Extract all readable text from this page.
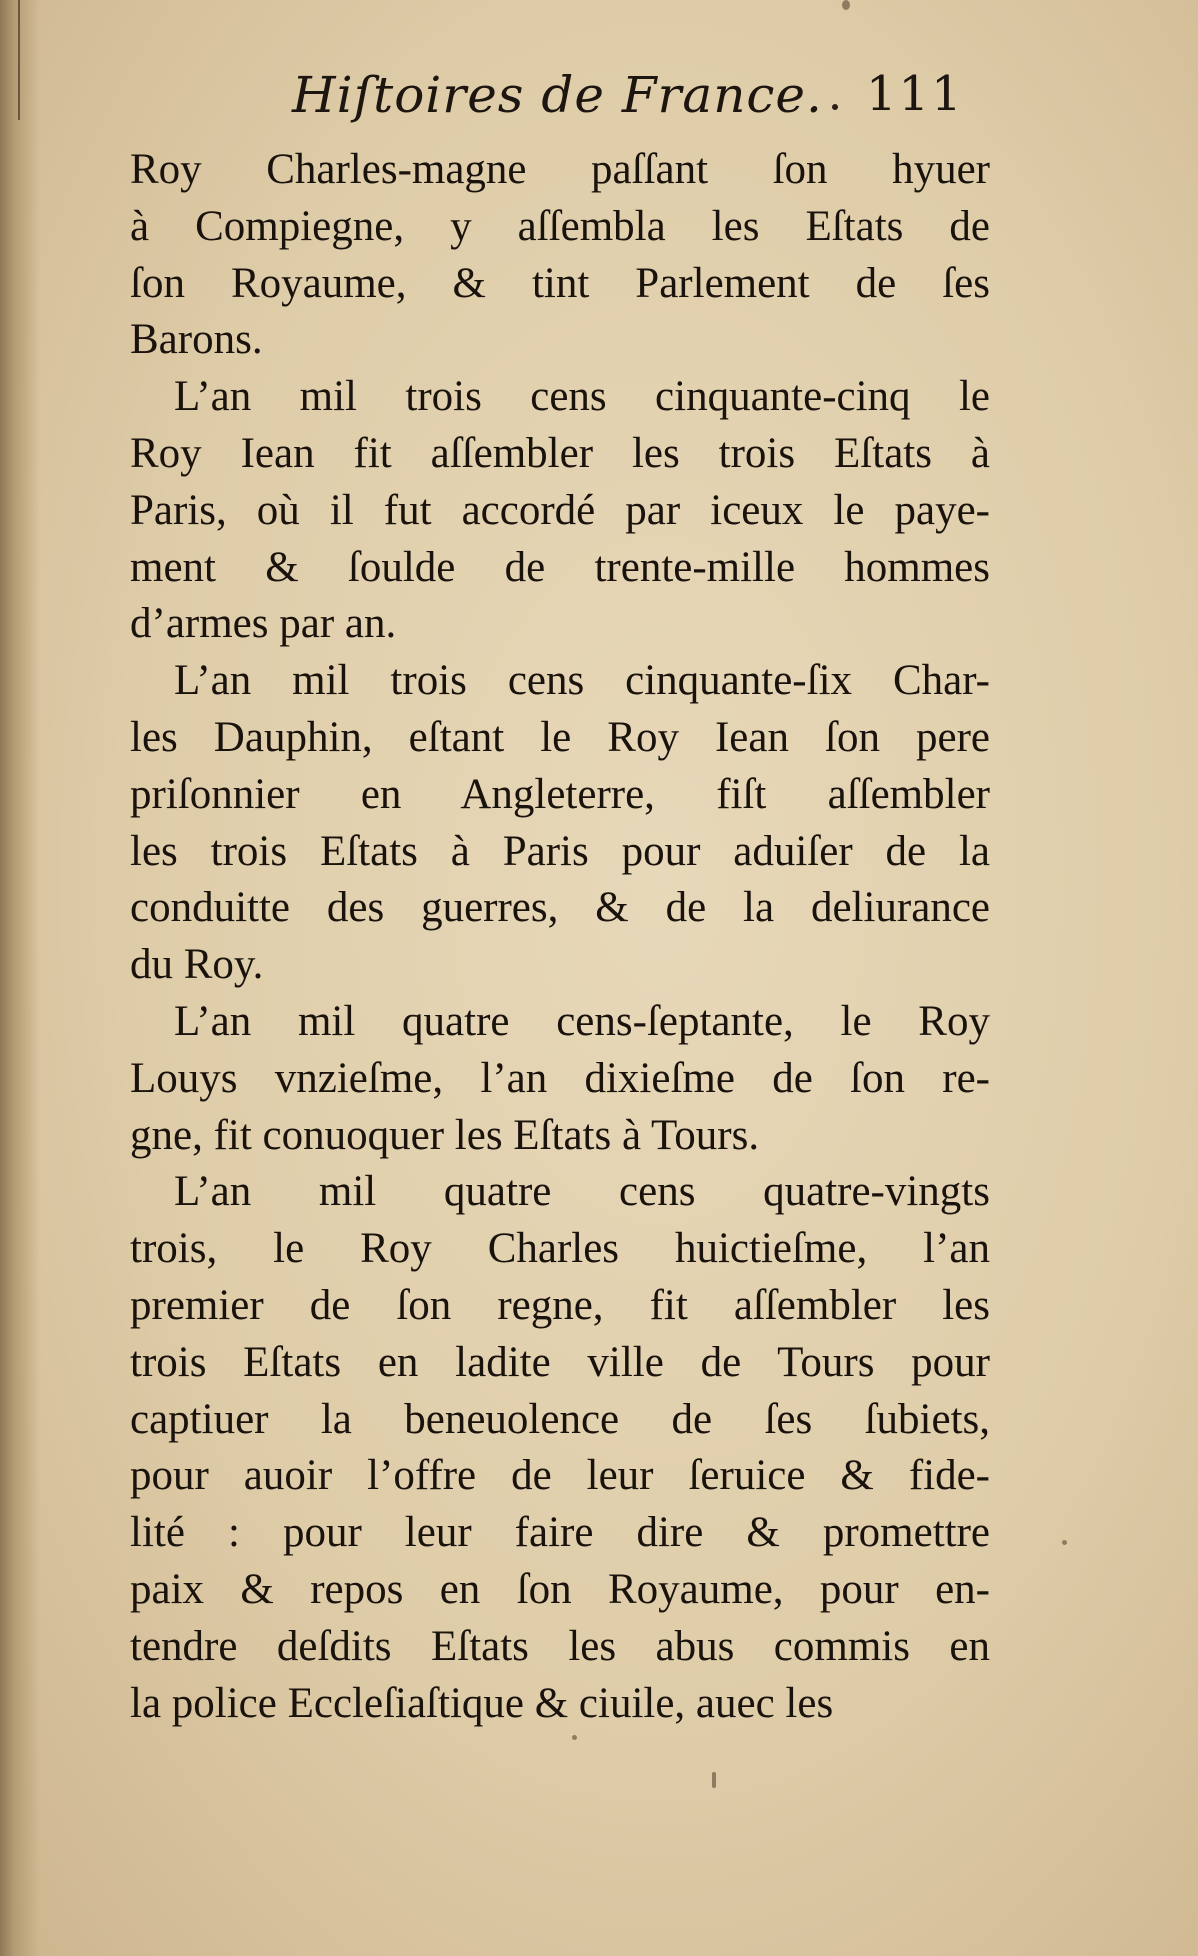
Hiſtoires de France. 111
Roy Charles-magne paſſant ſon hyuer
à Compiegne, y aſſembla les Eſtats de
ſon Royaume, & tint Parlement de ſes
Barons.
L’an mil trois cens cinquante-cinq le
Roy Iean fit aſſembler les trois Eſtats à
Paris, où il fut accordé par iceux le paye-
ment & ſoulde de trente-mille hommes
d’armes par an.
L’an mil trois cens cinquante-ſix Char-
les Dauphin, eſtant le Roy Iean ſon pere
priſonnier en Angleterre, fiſt aſſembler
les trois Eſtats à Paris pour aduiſer de la
conduitte des guerres, & de la deliurance
du Roy.
L’an mil quatre cens-ſeptante, le Roy
Louys vnzieſme, l’an dixieſme de ſon re-
gne, fit conuoquer les Eſtats à Tours.
L’an mil quatre cens quatre-vingts
trois, le Roy Charles huictieſme, l’an
premier de ſon regne, fit aſſembler les
trois Eſtats en ladite ville de Tours pour
captiuer la beneuolence de ſes ſubiets,
pour auoir l’offre de leur ſeruice & fide-
lité : pour leur faire dire & promettre
paix & repos en ſon Royaume, pour en-
tendre deſdits Eſtats les abus commis en
la police Eccleſiaſtique & ciuile, auec les
